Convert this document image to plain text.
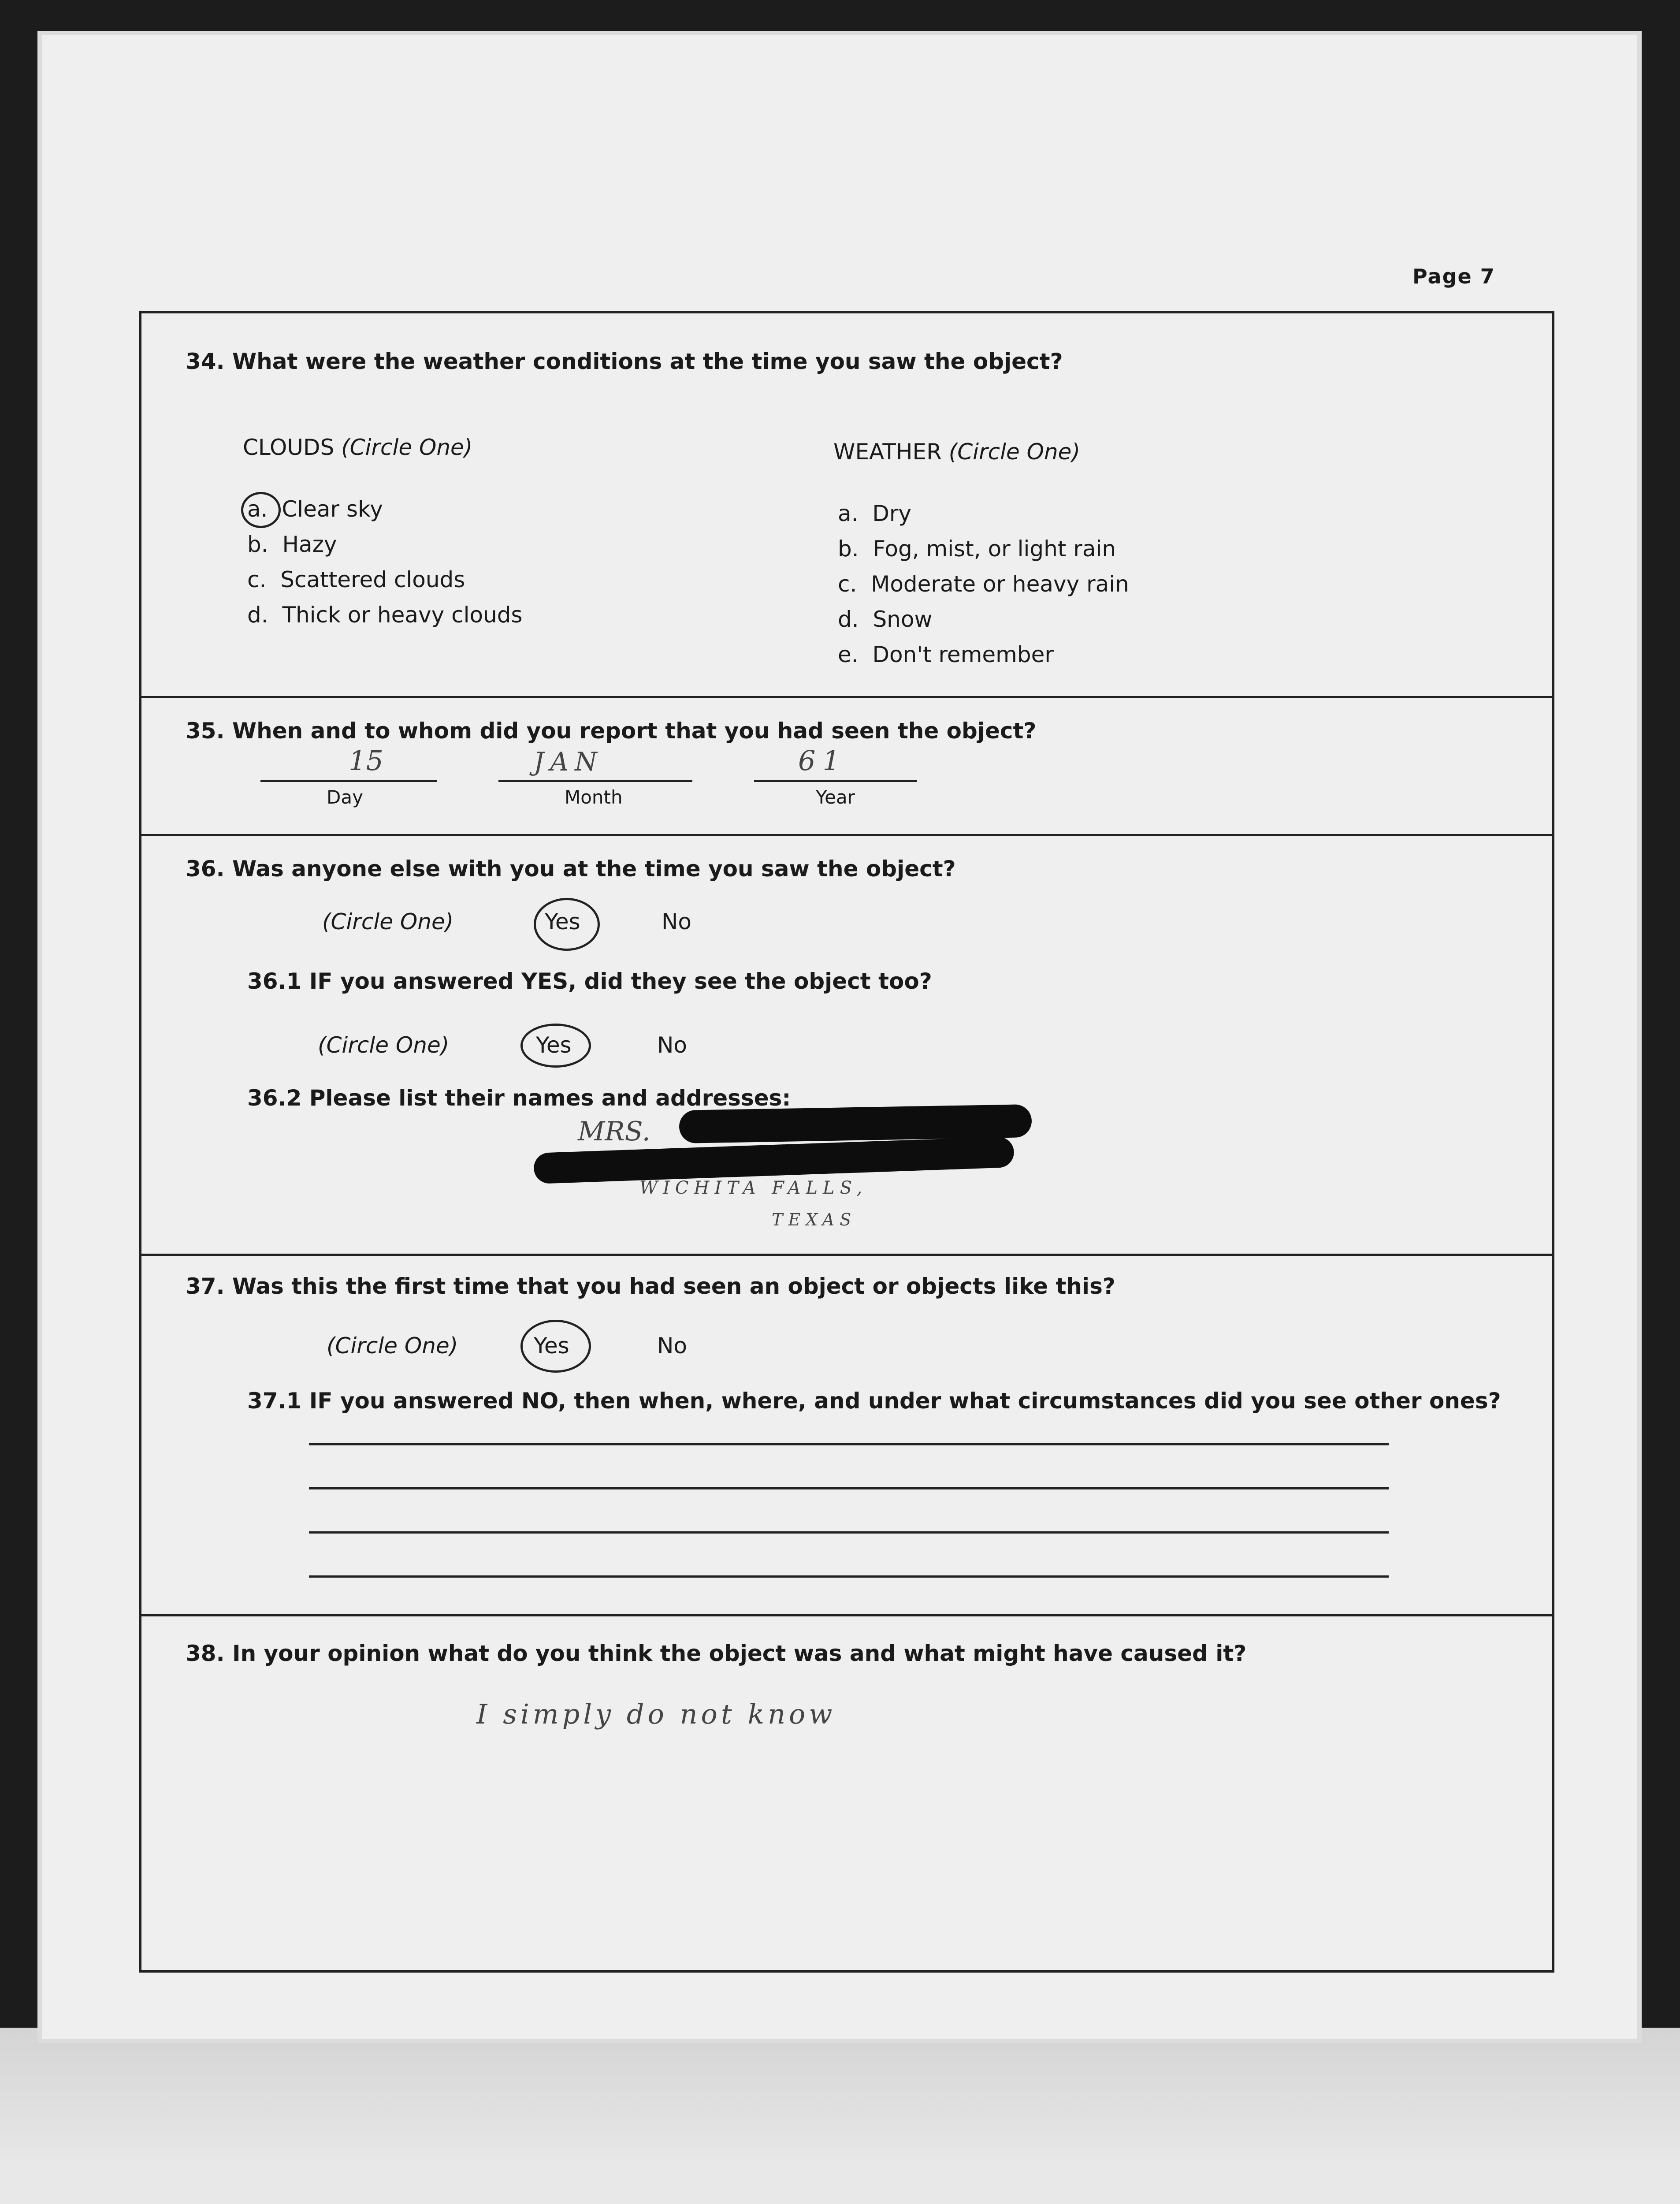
Page 7
34. What were the weather conditions at the time you saw the object?
CLOUDS (Circle One)	WEATHER (Circle One)
a. Clear sky
b. Hazy
c. Scattered clouds
d. Thick or heavy clouds
a. Dry
b. Fog, mist, or light rain
c. Moderate or heavy rain
d. Snow
e. Don't remember
35. When and to whom did you report that you had seen the object?
15
Day
JAN
Month
61
Year
36. Was anyone else with you at the time you saw the object?
(Circle One)	Yes	No
36.1 IF you answered YES, did they see the object too?
(Circle One)	Yes	No
36.2 Please list their names and addresses:
MRS.
WICHITA FALLS,
TEXAS
37. Was this the first time that you had seen an object or objects like this?
(Circle One)	Yes	No
37.1 IF you answered NO, then when, where, and under what circumstances did you see other ones?
38. In your opinion what do you think the object was and what might have caused it?
I simply do not know
